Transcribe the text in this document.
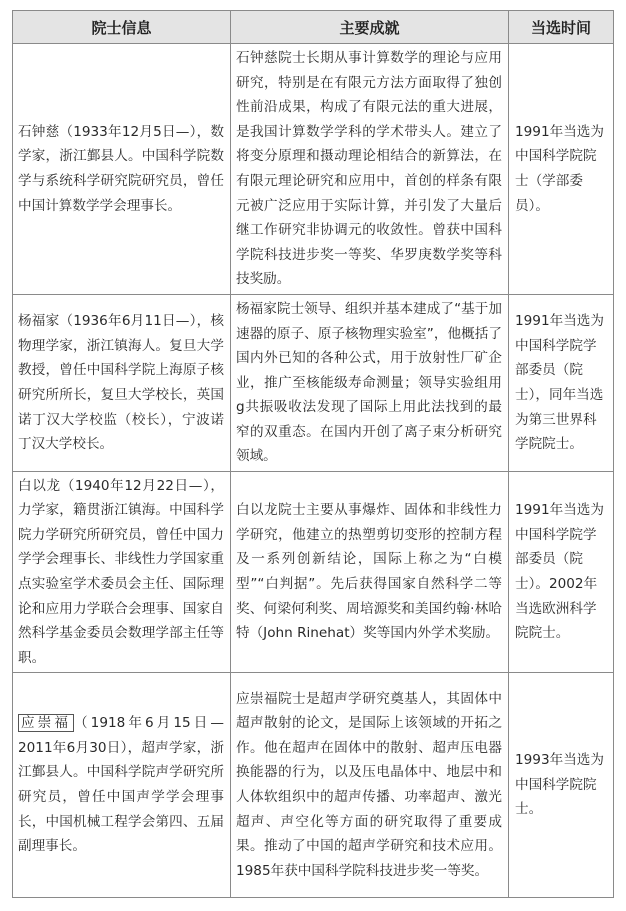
院士信息	主要成就	当选时间
石钟慈（1933年12月5日—），数学家，浙江鄞县人。中国科学院数学与系统科学研究院研究员，曾任中国计算数学学会理事长。	石钟慈院士长期从事计算数学的理论与应用研究，特别是在有限元方法方面取得了独创性前沿成果，构成了有限元法的重大进展，是我国计算数学学科的学术带头人。建立了将变分原理和摄动理论相结合的新算法，在有限元理论研究和应用中，首创的样条有限元被广泛应用于实际计算，并引发了大量后继工作研究非协调元的收敛性。曾获中国科学院科技进步奖一等奖、华罗庚数学奖等科技奖励。	1991年当选为中国科学院院士（学部委员）。
杨福家（1936年6月11日—），核物理学家，浙江镇海人。复旦大学教授，曾任中国科学院上海原子核研究所所长，复旦大学校长，英国诺丁汉大学校监（校长），宁波诺丁汉大学校长。	杨福家院士领导、组织并基本建成了“基于加速器的原子、原子核物理实验室”，他概括了国内外已知的各种公式，用于放射性厂矿企业，推广至核能级寿命测量；领导实验组用g共振吸收法发现了国际上用此法找到的最窄的双重态。在国内开创了离子束分析研究领域。	1991年当选为中国科学院学部委员（院士），同年当选为第三世界科学院院士。
白以龙（1940年12月22日—），力学家，籍贯浙江镇海。中国科学院力学研究所研究员，曾任中国力学学会理事长、非线性力学国家重点实验室学术委员会主任、国际理论和应用力学联合会理事、国家自然科学基金委员会数理学部主任等职。	白以龙院士主要从事爆炸、固体和非线性力学研究，他建立的热塑剪切变形的控制方程及一系列创新结论，国际上称之为“白模型”“白判据”。先后获得国家自然科学二等奖、何梁何利奖、周培源奖和美国约翰·林哈特（John Rinehat）奖等国内外学术奖励。	1991年当选为中国科学院学部委员（院士）。2002年当选欧洲科学院院士。
应崇福 （1918年6月15日—2011年6月30日），超声学家，浙江鄞县人。中国科学院声学研究所研究员，曾任中国声学学会理事长，中国机械工程学会第四、五届副理事长。	应崇福院士是超声学研究奠基人，其固体中超声散射的论文，是国际上该领域的开拓之作。他在超声在固体中的散射、超声压电器换能器的行为，以及压电晶体中、地层中和人体软组织中的超声传播、功率超声、激光超声、声空化等方面的研究取得了重要成果。推动了中国的超声学研究和技术应用。1985年获中国科学院科技进步奖一等奖。	1993年当选为中国科学院院士。
